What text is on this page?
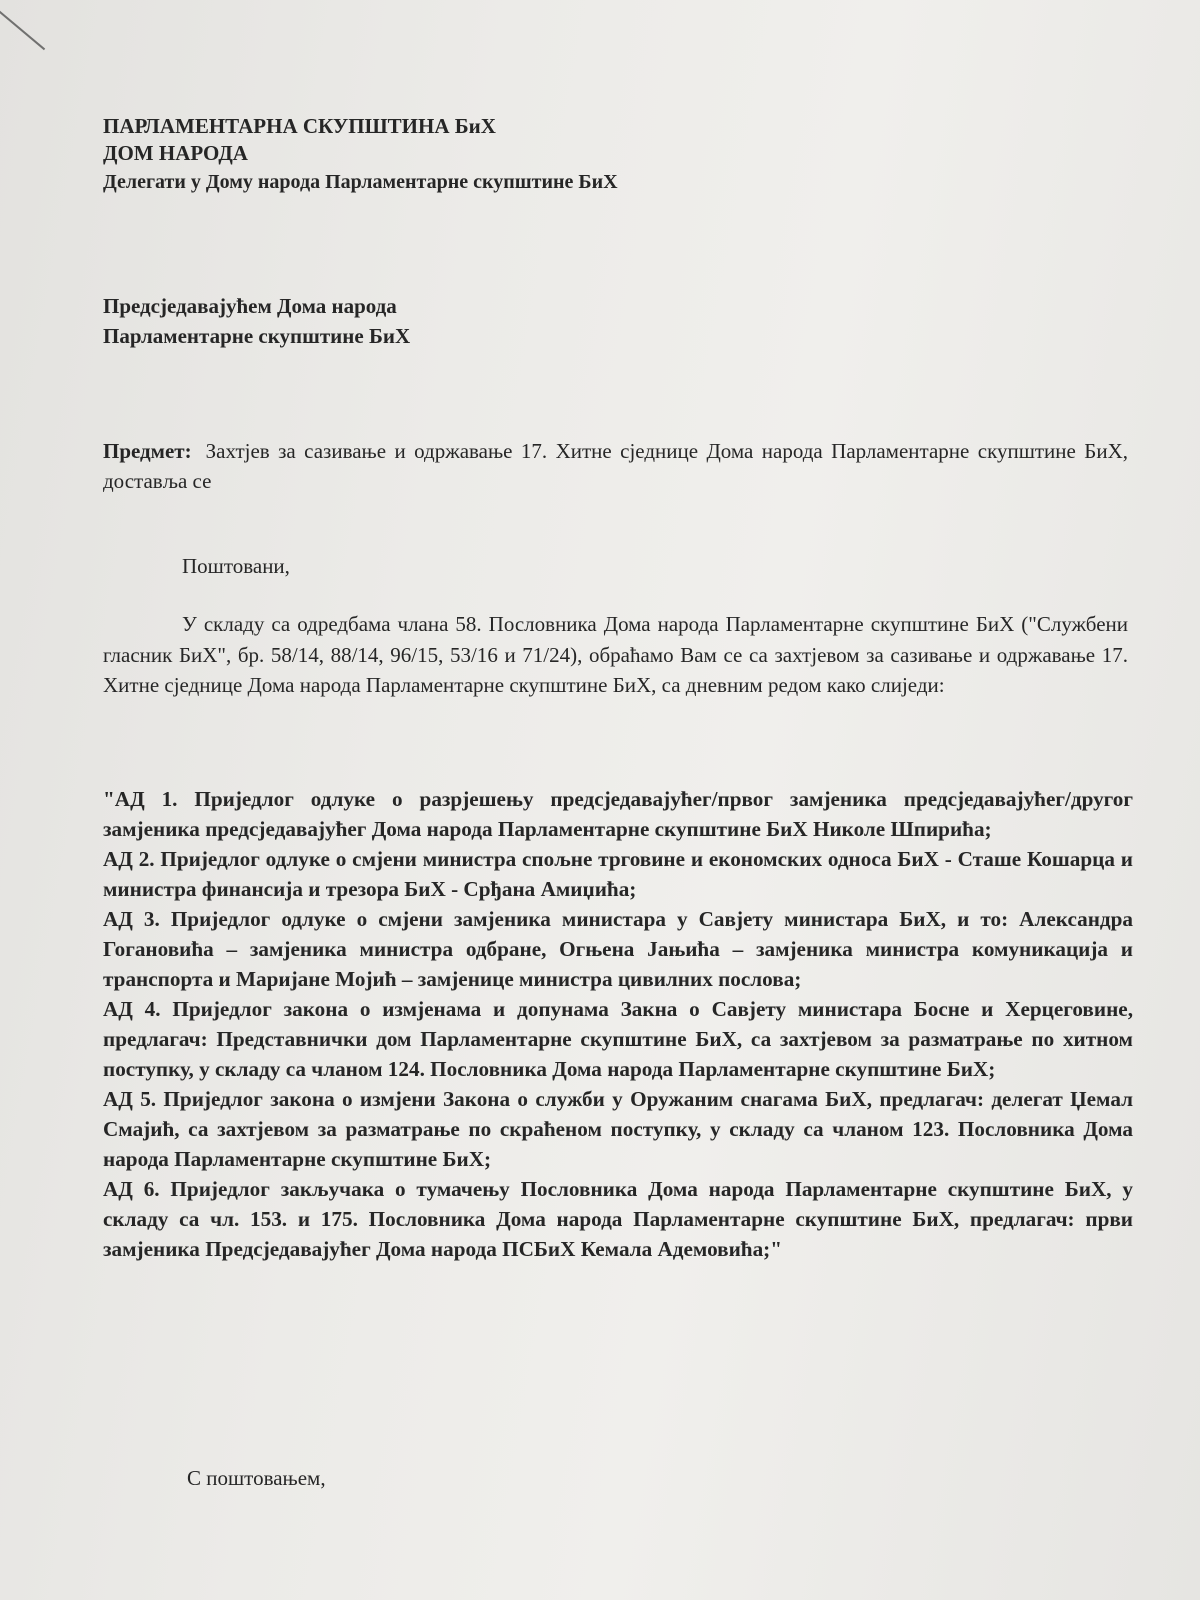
ПАРЛАМЕНТАРНА СКУПШТИНА БиХ
ДОМ НАРОДА
Делегати у Дому народа Парламентарне скупштине БиХ
Предсједавајућем Дома народа
Парламентарне скупштине БиХ
Предмет: Захтјев за сазивање и одржавање 17. Хитне сједнице Дома народа Парламентарне скупштине БиХ, доставља се
Поштовани,
У складу са одредбама члана 58. Пословника Дома народа Парламентарне скупштине БиХ ("Службени гласник БиХ", бр. 58/14, 88/14, 96/15, 53/16 и 71/24), обраћамо Вам се са захтјевом за сазивање и одржавање 17. Хитне сједнице Дома народа Парламентарне скупштине БиХ, са дневним редом како слиједи:
"АД 1. Приједлог одлуке о разрјешењу предсједавајућег/првог замјеника предсједавајућег/другог замјеника предсједавајућег Дома народа Парламентарне скупштине БиХ Николе Шпирића;
АД 2. Приједлог одлуке о смјени министра спољне трговине и економских односа БиХ - Сташе Кошарца и министра финансија и трезора БиХ - Срђана Амиџића;
АД 3. Приједлог одлуке о смјени замјеника министара у Савјету министара БиХ, и то: Александра Гогановића – замјеника министра одбране, Огњена Јањића – замјеника министра комуникација и транспорта и Маријане Мојић – замјенице министра цивилних послова;
АД 4. Приједлог закона о измјенама и допунама Закна о Савјету министара Босне и Херцеговине, предлагач: Представнички дом Парламентарне скупштине БиХ, са захтјевом за разматрање по хитном поступку, у складу са чланом 124. Пословника Дома народа Парламентарне скупштине БиХ;
АД 5. Приједлог закона о измјени Закона о служби у Оружаним снагама БиХ, предлагач: делегат Џемал Смајић, са захтјевом за разматрање по скраћеном поступку, у складу са чланом 123. Пословника Дома народа Парламентарне скупштине БиХ;
АД 6. Приједлог закључака о тумачењу Пословника Дома народа Парламентарне скупштине БиХ, у складу са чл. 153. и 175. Пословника Дома народа Парламентарне скупштине БиХ, предлагач: први замјеника Предсједавајућег Дома народа ПСБиХ Кемала Адемовића;"
С поштовањем,
